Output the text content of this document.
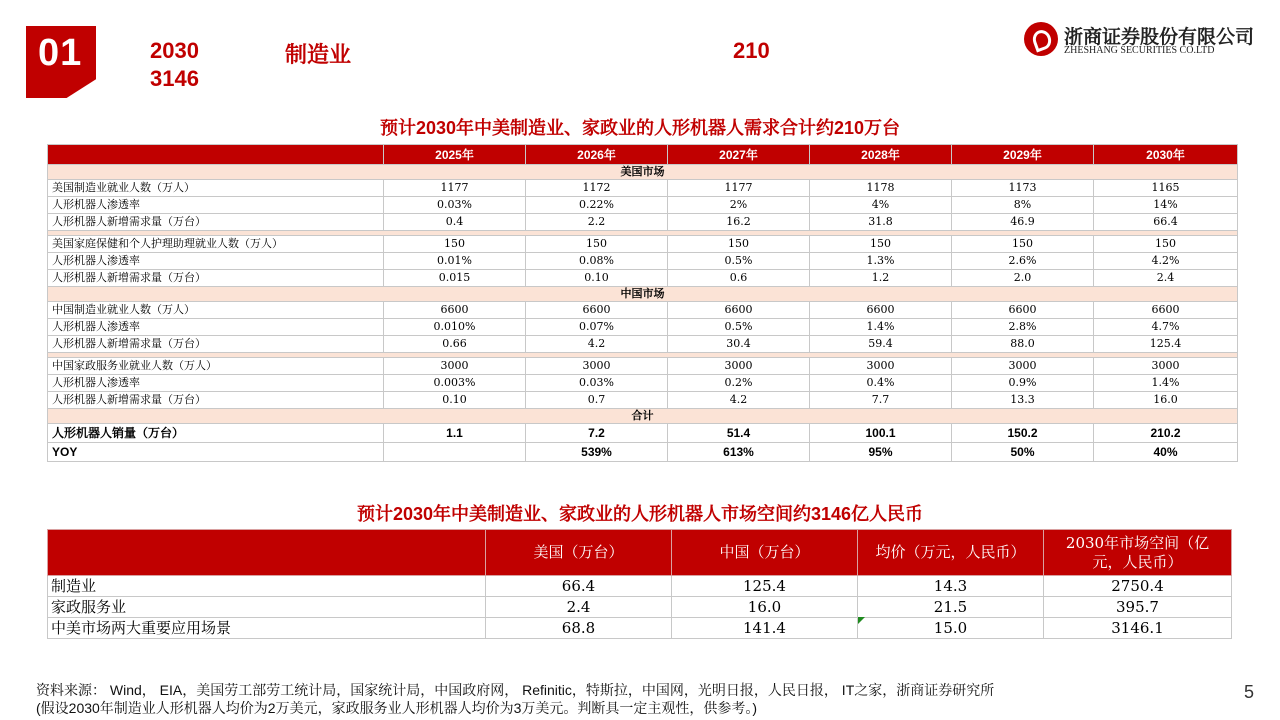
01	2030
3146
制造业	210
浙商证券股份有限公司
ZHESHANG SECURITIES CO.LTD
预计2030年中美制造业、家政业的人形机器人需求合计约210万台
	2025年	2026年	2027年	2028年	2029年	2030年
美国市场						
美国制造业就业人数（万人）	1177	1172	1177	1178	1173	1165
人形机器人渗透率	0.03%	0.22%	2%	4%	8%	14%
人形机器人新增需求量（万台）	0.4	2.2	16.2	31.8	46.9	66.4

美国家庭保健和个人护理助理就业人数（万人）	150	150	150	150	150	150
人形机器人渗透率	0.01%	0.08%	0.5%	1.3%	2.6%	4.2%
人形机器人新增需求量（万台）	0.015	0.10	0.6	1.2	2.0	2.4
中国市场						
中国制造业就业人数（万人）	6600	6600	6600	6600	6600	6600
人形机器人渗透率	0.010%	0.07%	0.5%	1.4%	2.8%	4.7%
人形机器人新增需求量（万台）	0.66	4.2	30.4	59.4	88.0	125.4

中国家政服务业就业人数（万人）	3000	3000	3000	3000	3000	3000
人形机器人渗透率	0.003%	0.03%	0.2%	0.4%	0.9%	1.4%
人形机器人新增需求量（万台）	0.10	0.7	4.2	7.7	13.3	16.0
合计						
人形机器人销量（万台）	1.1	7.2	51.4	100.1	150.2	210.2
YOY		539%	613%	95%	50%	40%
预计2030年中美制造业、家政业的人形机器人市场空间约3146亿人民币
	美国（万台）	中国（万台）	均价（万元，人民币）	2030年市场空间（亿元，人民币）
制造业	66.4	125.4	14.3	2750.4
家政服务业	2.4	16.0	21.5	395.7
中美市场两大重要应用场景	68.8	141.4	15.0	3146.1
资料来源： Wind， EIA，美国劳工部劳工统计局，国家统计局，中国政府网， Refinitic，特斯拉，中国网，光明日报，人民日报， IT之家，浙商证券研究所
(假设2030年制造业人形机器人均价为2万美元，家政服务业人形机器人均价为3万美元。判断具一定主观性，供参考。)
5
